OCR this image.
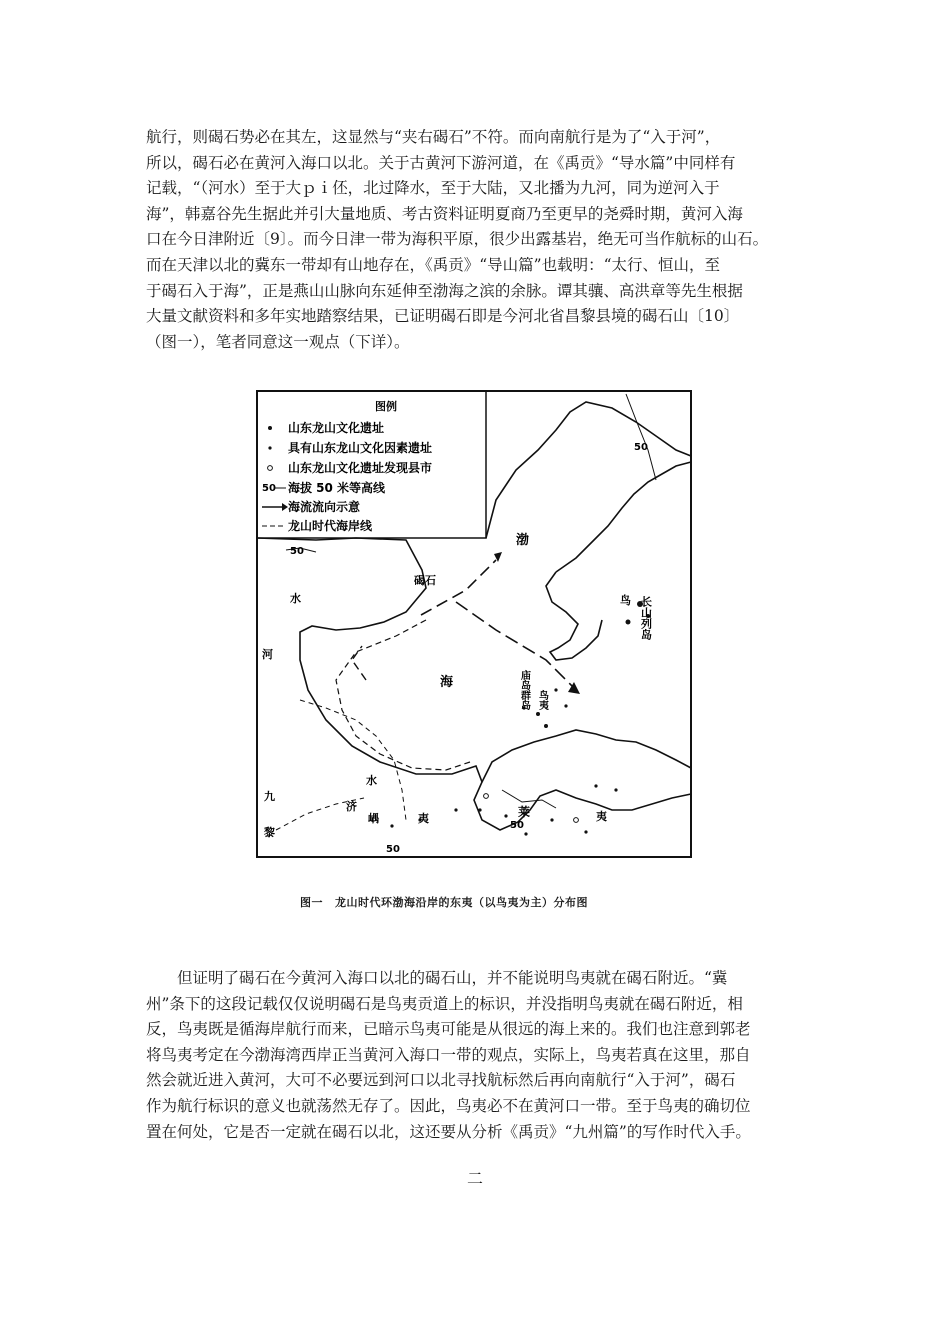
航行，则碣石势必在其左，这显然与“夹右碣石”不符。而向南航行是为了“入于河”，
所以，碣石必在黄河入海口以北。关于古黄河下游河道，在《禹贡》“导水篇”中同样有
记载，“（河水）至于大ｐｉ伾，北过降水，至于大陆，又北播为九河，同为逆河入于
海”，韩嘉谷先生据此并引大量地质、考古资料证明夏商乃至更早的尧舜时期，黄河入海
口在今日津附近〔9〕。而今日津一带为海积平原，很少出露基岩，绝无可当作航标的山石。
而在天津以北的冀东一带却有山地存在，《禹贡》“导山篇”也载明：“太行、恒山，至
于碣石入于海”，正是燕山山脉向东延伸至渤海之滨的余脉。谭其骧、高洪章等先生根据
大量文献资料和多年实地踏察结果，已证明碣石即是今河北省昌黎县境的碣石山〔10〕
（图一），笔者同意这一观点（下详）。

图例
山东龙山文化遗址
具有山东龙山文化因素遗址
山东龙山文化遗址发现县市
50 海拔 50 米等高线
海流流向示意
龙山时代海岸线
渤
海
碣石
水
河
水
鸟 长山列岛
庙岛群岛 鸟夷
莱	夷
九
黎
济
嵎	夷
50
50
50
50
图一 龙山时代环渤海沿岸的东夷（以鸟夷为主）分布图

　　但证明了碣石在今黄河入海口以北的碣石山，并不能说明鸟夷就在碣石附近。“冀
州”条下的这段记载仅仅说明碣石是鸟夷贡道上的标识，并没指明鸟夷就在碣石附近，相
反，鸟夷既是循海岸航行而来，已暗示鸟夷可能是从很远的海上来的。我们也注意到郭老
将鸟夷考定在今渤海湾西岸正当黄河入海口一带的观点，实际上，鸟夷若真在这里，那自
然会就近进入黄河，大可不必要远到河口以北寻找航标然后再向南航行“入于河”，碣石
作为航行标识的意义也就荡然无存了。因此，鸟夷必不在黄河口一带。至于鸟夷的确切位
置在何处，它是否一定就在碣石以北，这还要从分析《禹贡》“九州篇”的写作时代入手。

二
